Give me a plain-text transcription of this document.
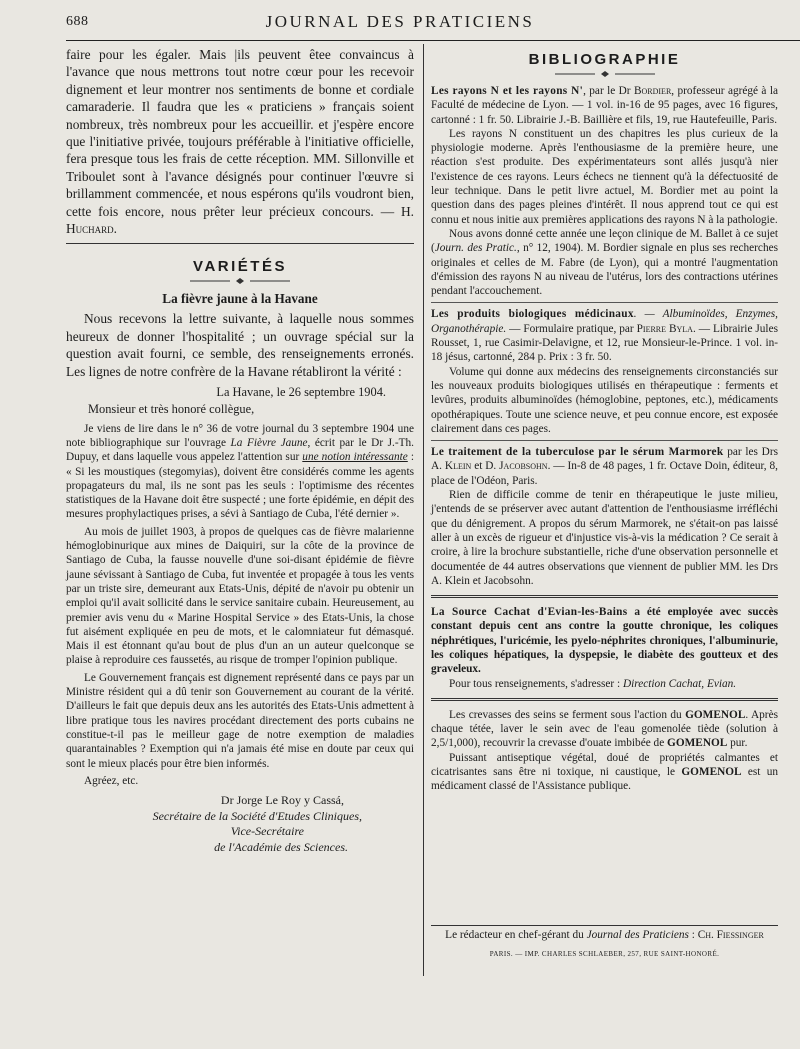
688	JOURNAL DES PRATICIENS

faire pour les égaler. Mais |ils peuvent êtee convaincus à l'avance que nous mettrons tout notre cœur pour les recevoir dignement et leur montrer nos sentiments de bonne et cordiale camaraderie. Il faudra que les « praticiens » français soient nombreux, très nombreux pour les accueillir. et j'espère encore que l'initiative privée, toujours préférable à l'initiative officielle, fera presque tous les frais de cette réception. MM. Sillonville et Triboulet sont à l'avance désignés pour continuer l'œuvre si brillamment commencée, et nous espérons qu'ils voudront bien, cette fois encore, nous prêter leur précieux concours. — H. Huchard.

VARIÉTÉS
La fièvre jaune à la Havane

Nous recevons la lettre suivante, à laquelle nous sommes heureux de donner l'hospitalité ; un ouvrage spécial sur la question avait fourni, ce semble, des renseignements erronés. Les lignes de notre confrère de la Havane rétabliront la vérité :

La Havane, le 26 septembre 1904.

Monsieur et très honoré collègue,

Je viens de lire dans le n° 36 de votre journal du 3 septembre 1904 une note bibliographique sur l'ouvrage La Fièvre Jaune, écrit par le Dr J.-Th. Dupuy, et dans laquelle vous appelez l'attention sur une notion intéressante : « Si les moustiques (stegomyias), doivent être considérés comme les agents propagateurs du mal, ils ne sont pas les seuls : l'optimisme des récentes statistiques de la Havane doit être suspecté ; une forte épidémie, en dépit des mesures prophylactiques prises, a sévi à Santiago de Cuba, l'été dernier ».

Au mois de juillet 1903, à propos de quelques cas de fièvre malarienne hémoglobinurique aux mines de Daiquiri, sur la côte de la province de Santiago de Cuba, la fausse nouvelle d'une soi-disant épidémie de fièvre jaune sévissant à Santiago de Cuba, fut inventée et propagée à tous les vents par un triste sire, demeurant aux Etats-Unis, dépité de n'avoir pu obtenir un emploi qu'il avait sollicité dans le service sanitaire cubain. Heureusement, au premier avis venu du « Marine Hospital Service » des Etats-Unis, la chose fut aisément expliquée en peu de mots, et le calomniateur fut démasqué. Mais il est étonnant qu'au bout de plus d'un an un auteur quelconque se plaise à reproduire ces faussetés, au risque de tromper l'opinion publique.

Le Gouvernement français est dignement représenté dans ce pays par un Ministre résident qui a dû tenir son Gouvernement au courant de la vérité. D'ailleurs le fait que depuis deux ans les autorités des Etats-Unis admettent à libre pratique tous les navires procédant directement des ports cubains ne constitue-t-il pas le meilleur gage de notre exemption de maladies quarantainables ? Exemption qui n'a jamais été mise en doute par ceux qui sont le mieux placés pour être bien informés.

Agréez, etc.

Dr Jorge Le Roy y Cassá,

Secrétaire de la Société d'Etudes Cliniques,

Vice-Secrétaire

de l'Académie des Sciences.

BIBLIOGRAPHIE

Les rayons N et les rayons N', par le Dr Bordier, professeur agrégé à la Faculté de médecine de Lyon. — 1 vol. in-16 de 95 pages, avec 16 figures, cartonné : 1 fr. 50. Librairie J.-B. Baillière et fils, 19, rue Hautefeuille, Paris.

Les rayons N constituent un des chapitres les plus curieux de la physiologie moderne. Après l'enthousiasme de la première heure, une réaction s'est produite. Des expérimentateurs sont allés jusqu'à nier l'existence de ces rayons. Leurs échecs ne tiennent qu'à la défectuosité de leur technique. Dans le petit livre actuel, M. Bordier met au point la question dans des pages pleines d'intérêt. Il nous apprend tout ce qui est connu et nous initie aux premières applications des rayons N à la pathologie.

Nous avons donné cette année une leçon clinique de M. Ballet à ce sujet (Journ. des Pratic., n° 12, 1904). M. Bordier signale en plus ses recherches originales et celles de M. Fabre (de Lyon), qui a montré l'augmentation d'émission des rayons N au niveau de l'utérus, lors des contractions utérines pendant l'accouchement.

Les produits biologiques médicinaux. — Albuminoïdes, Enzymes, Organothérapie. — Formulaire pratique, par Pierre Byla. — Librairie Jules Rousset, 1, rue Casimir-Delavigne, et 12, rue Monsieur-le-Prince. 1 vol. in-18 jésus, cartonné, 284 p. Prix : 3 fr. 50.

Volume qui donne aux médecins des renseignements circonstanciés sur les nouveaux produits biologiques utilisés en thérapeutique : ferments et levûres, produits albuminoïdes (hémoglobine, peptones, etc.), médicaments opothérapiques. Toute une science neuve, et peu connue encore, est exposée clairement dans ces pages.

Le traitement de la tuberculose par le sérum Marmorek par les Drs A. Klein et D. Jacobsohn. — In-8 de 48 pages, 1 fr. Octave Doin, éditeur, 8, place de l'Odéon, Paris.

Rien de difficile comme de tenir en thérapeutique le juste milieu, j'entends de se préserver avec autant d'attention de l'enthousiasme irréfléchi que du dénigrement. A propos du sérum Marmorek, ne s'était-on pas laissé aller à un excès de rigueur et d'injustice vis-à-vis la médication ? Ce serait à croire, à lire la brochure substantielle, riche d'une observation personnelle et documentée de 44 autres observations que viennent de publier MM. les Drs A. Klein et Jacobsohn.

La Source Cachat d'Evian-les-Bains a été employée avec succès constant depuis cent ans contre la goutte chronique, les coliques néphrétiques, l'uricémie, les pyelo-néphrites chroniques, l'albuminurie, les coliques hépatiques, la dyspepsie, le diabète des goutteux et des graveleux.

Pour tous renseignements, s'adresser : Direction Cachat, Evian.

Les crevasses des seins se ferment sous l'action du GOMENOL. Après chaque tétée, laver le sein avec de l'eau gomenolée tiède (solution à 2,5/1,000), recouvrir la crevasse d'ouate imbibée de GOMENOL pur.

Puissant antiseptique végétal, doué de propriétés calmantes et cicatrisantes sans être ni toxique, ni caustique, le GOMENOL est un médicament classé de l'Assistance publique.

Le rédacteur en chef-gérant du Journal des Praticiens : Ch. Fiessinger
PARIS. — IMP. CHARLES SCHLAEBER, 257, RUE SAINT-HONORÉ.
